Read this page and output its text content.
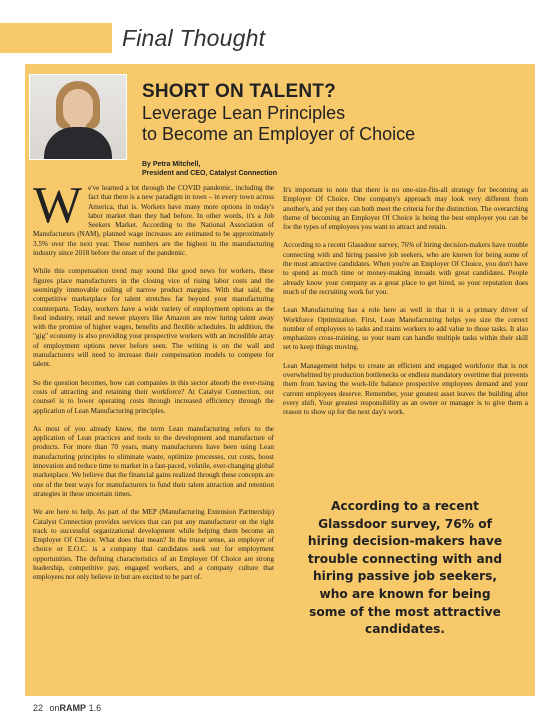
Final Thought
SHORT ON TALENT?
Leverage Lean Principles
to Become an Employer of Choice
By Petra Mitchell,
President and CEO, Catalyst Connection

We've learned a lot through the COVID pandemic, including the fact that there is a new paradigm in town – in every town across America, that is. Workers have many more options in today's labor market than they had before. In other words, it's a Job Seekers Market. According to the National Association of Manufacturers (NAM), planned wage increases are estimated to be approximately 3.5% over the next year. These numbers are the highest in the manufacturing industry since 2018 before the onset of the pandemic.

While this compensation trend may sound like good news for workers, these figures place manufacturers in the closing vice of rising labor costs and the seemingly immovable ceiling of narrow product margins. With that said, the competitive marketplace for talent stretches far beyond your manufacturing counterparts. Today, workers have a wide variety of employment options as the food industry, retail and newer players like Amazon are now luring talent away with the promise of higher wages, benefits and flexible schedules. In addition, the "gig" economy is also providing your prospective workers with an incredible array of employment options never before seen. The writing is on the wall and manufacturers will need to increase their compensation models to compete for talent.

So the question becomes, how can companies in this sector absorb the ever-rising costs of attracting and retaining their workforce? At Catalyst Connection, our counsel is to lower operating costs through increased efficiency through the application of Lean Manufacturing principles.

As most of you already know, the term Lean manufacturing refers to the application of Lean practices and tools to the development and manufacture of products. For more than 70 years, many manufacturers have been using Lean manufacturing principles to eliminate waste, optimize processes, cut costs, boost innovation and reduce time to market in a fast-paced, volatile, ever-changing global marketplace. We believe that the financial gains realized through these concepts are one of the best ways for manufacturers to fund their talent attraction and retention strategies in these uncertain times.

We are here to help. As part of the MEP (Manufacturing Extension Partnership) Catalyst Connection provides services that can put any manufacturer on the right track to successful organizational development while helping them become an Employer Of Choice. What does that mean? In the truest sense, an employer of choice or E.O.C. is a company that candidates seek out for employment opportunities. The defining characteristics of an Employer Of Choice are strong leadership, competitive pay, engaged workers, and a company culture that employees not only believe in but are excited to be part of.

It's important to note that there is no one-size-fits-all strategy for becoming an Employer Of Choice. One company's approach may look very different from another's, and yet they can both meet the criteria for the distinction. The overarching theme of becoming an Employer Of Choice is being the best employer you can be for the types of employees you want to attract and retain.

According to a recent Glassdoor survey, 76% of hiring decision-makers have trouble connecting with and hiring passive job seekers, who are known for being some of the most attractive candidates. When you're an Employer Of Choice, you don't have to spend as much time or money-making inroads with great candidates. People already know your company as a great place to get hired, so your reputation does much of the recruiting work for you.

Lean Manufacturing has a role here as well in that it is a primary driver of Workforce Optimization. First, Lean Manufacturing helps you size the correct number of employees to tasks and trains workers to add value to those tasks. It also emphasizes cross-training, so your team can handle multiple tasks within their skill set to keep things moving.

Lean Management helps to create an efficient and engaged workforce that is not overwhelmed by production bottlenecks or endless mandatory overtime that prevents them from having the work-life balance prospective employees demand and your current employees deserve. Remember, your greatest asset leaves the building after every shift. Your greatest responsibility as an owner or manager is to give them a reason to show up for the next day's work.

According to a recent Glassdoor survey, 76% of hiring decision-makers have trouble connecting with and hiring passive job seekers, who are known for being some of the most attractive candidates.
22 onRAMP 1.6
